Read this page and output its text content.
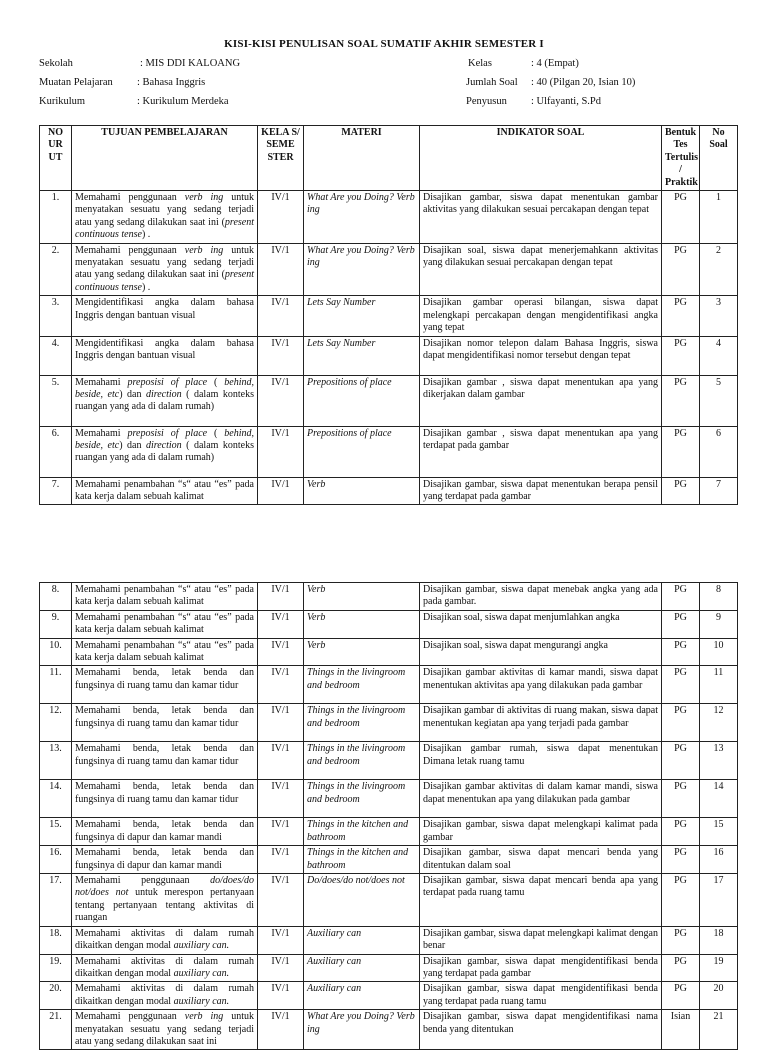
KISI-KISI PENULISAN SOAL SUMATIF AKHIR SEMESTER I
Sekolah	: MIS DDI KALOANG
Muatan Pelajaran : Bahasa Inggris
Kurikulum	: Kurikulum Merdeka
Kelas	: 4 (Empat)
Jumlah Soal : 40 (Pilgan 20, Isian 10)
Penyusun : Ulfayanti, S.Pd
NO UR UT	TUJUAN PEMBELAJARAN	KELA S/ SEME STER	MATERI	INDIKATOR SOAL	Bentuk Tes Tertulis / Praktik	No Soal
1.	Memahami penggunaan verb ing untuk menyatakan sesuatu yang sedang terjadi atau yang sedang dilakukan saat ini (present continuous tense) .	IV/1	What Are you Doing? Verb ing	Disajikan gambar, siswa dapat menentukan gambar aktivitas yang dilakukan sesuai percakapan dengan tepat	PG	1
2.	Memahami penggunaan verb ing untuk menyatakan sesuatu yang sedang terjadi atau yang sedang dilakukan saat ini (present continuous tense) .	IV/1	What Are you Doing? Verb ing	Disajikan soal, siswa dapat menerjemahkann aktivitas yang dilakukan sesuai percakapan dengan tepat	PG	2
3.	Mengidentifikasi angka dalam bahasa Inggris dengan bantuan visual	IV/1	Lets Say Number	Disajikan gambar operasi bilangan, siswa dapat melengkapi percakapan dengan mengidentifikasi angka yang tepat	PG	3
4.	Mengidentifikasi angka dalam bahasa Inggris dengan bantuan visual	IV/1	Lets Say Number	Disajikan nomor telepon dalam Bahasa Inggris, siswa dapat mengidentifikasi nomor tersebut dengan tepat	PG	4
5.	Memahami preposisi of place ( behind, beside, etc) dan direction ( dalam konteks ruangan yang ada di dalam rumah)	IV/1	Prepositions of place	Disajikan gambar , siswa dapat menentukan apa yang dikerjakan dalam gambar	PG	5
6.	Memahami preposisi of place ( behind, beside, etc) dan direction ( dalam konteks ruangan yang ada di dalam rumah)	IV/1	Prepositions of place	Disajikan gambar , siswa dapat menentukan apa yang terdapat pada gambar	PG	6
7.	Memahami penambahan “s“ atau “es” pada kata kerja dalam sebuah kalimat	IV/1	Verb	Disajikan gambar, siswa dapat menentukan berapa pensil yang terdapat pada gambar	PG	7
8.	Memahami penambahan “s“ atau “es” pada kata kerja dalam sebuah kalimat	IV/1	Verb	Disajikan gambar, siswa dapat menebak angka yang ada pada gambar.	PG	8
9.	Memahami penambahan “s“ atau “es” pada kata kerja dalam sebuah kalimat	IV/1	Verb	Disajikan soal, siswa dapat menjumlahkan angka	PG	9
10.	Memahami penambahan “s“ atau “es” pada kata kerja dalam sebuah kalimat	IV/1	Verb	Disajikan soal, siswa dapat mengurangi angka	PG	10
11.	Memahami benda, letak benda dan fungsinya di ruang tamu dan kamar tidur	IV/1	Things in the livingroom and bedroom	Disajikan gambar aktivitas di kamar mandi, siswa dapat menentukan aktivitas apa yang dilakukan pada gambar	PG	11
12.	Memahami benda, letak benda dan fungsinya di ruang tamu dan kamar tidur	IV/1	Things in the livingroom and bedroom	Disajikan gambar di aktivitas di ruang makan, siswa dapat menentukan kegiatan apa yang terjadi pada gambar	PG	12
13.	Memahami benda, letak benda dan fungsinya di ruang tamu dan kamar tidur	IV/1	Things in the livingroom and bedroom	Disajikan gambar rumah, siswa dapat menentukan Dimana letak ruang tamu	PG	13
14.	Memahami benda, letak benda dan fungsinya di ruang tamu dan kamar tidur	IV/1	Things in the livingroom and bedroom	Disajikan gambar aktivitas di dalam kamar mandi, siswa dapat menentukan apa yang dilakukan pada gambar	PG	14
15.	Memahami benda, letak benda dan fungsinya di dapur dan kamar mandi	IV/1	Things in the kitchen and bathroom	Disajikan gambar, siswa dapat melengkapi kalimat pada gambar	PG	15
16.	Memahami benda, letak benda dan fungsinya di dapur dan kamar mandi	IV/1	Things in the kitchen and bathroom	Disajikan gambar, siswa dapat mencari benda yang ditentukan dalam soal	PG	16
17.	Memahami penggunaan do/does/do not/does not untuk merespon pertanyaan tentang pertanyaan tentang aktivitas di ruangan	IV/1	Do/does/do not/does not	Disajikan gambar, siswa dapat mencari benda apa yang terdapat pada ruang tamu	PG	17
18.	Memahami aktivitas di dalam rumah dikaitkan dengan modal auxiliary can.	IV/1	Auxiliary can	Disajikan gambar, siswa dapat melengkapi kalimat dengan benar	PG	18
19.	Memahami aktivitas di dalam rumah dikaitkan dengan modal auxiliary can.	IV/1	Auxiliary can	Disajikan gambar, siswa dapat mengidentifikasi benda yang terdapat pada gambar	PG	19
20.	Memahami aktivitas di dalam rumah dikaitkan dengan modal auxiliary can.	IV/1	Auxiliary can	Disajikan gambar, siswa dapat mengidentifikasi benda yang terdapat pada ruang tamu	PG	20
21.	Memahami penggunaan verb ing untuk menyatakan sesuatu yang sedang terjadi atau yang sedang dilakukan saat ini	IV/1	What Are you Doing? Verb ing	Disajikan gambar, siswa dapat mengidentifikasi nama benda yang ditentukan	Isian	21
